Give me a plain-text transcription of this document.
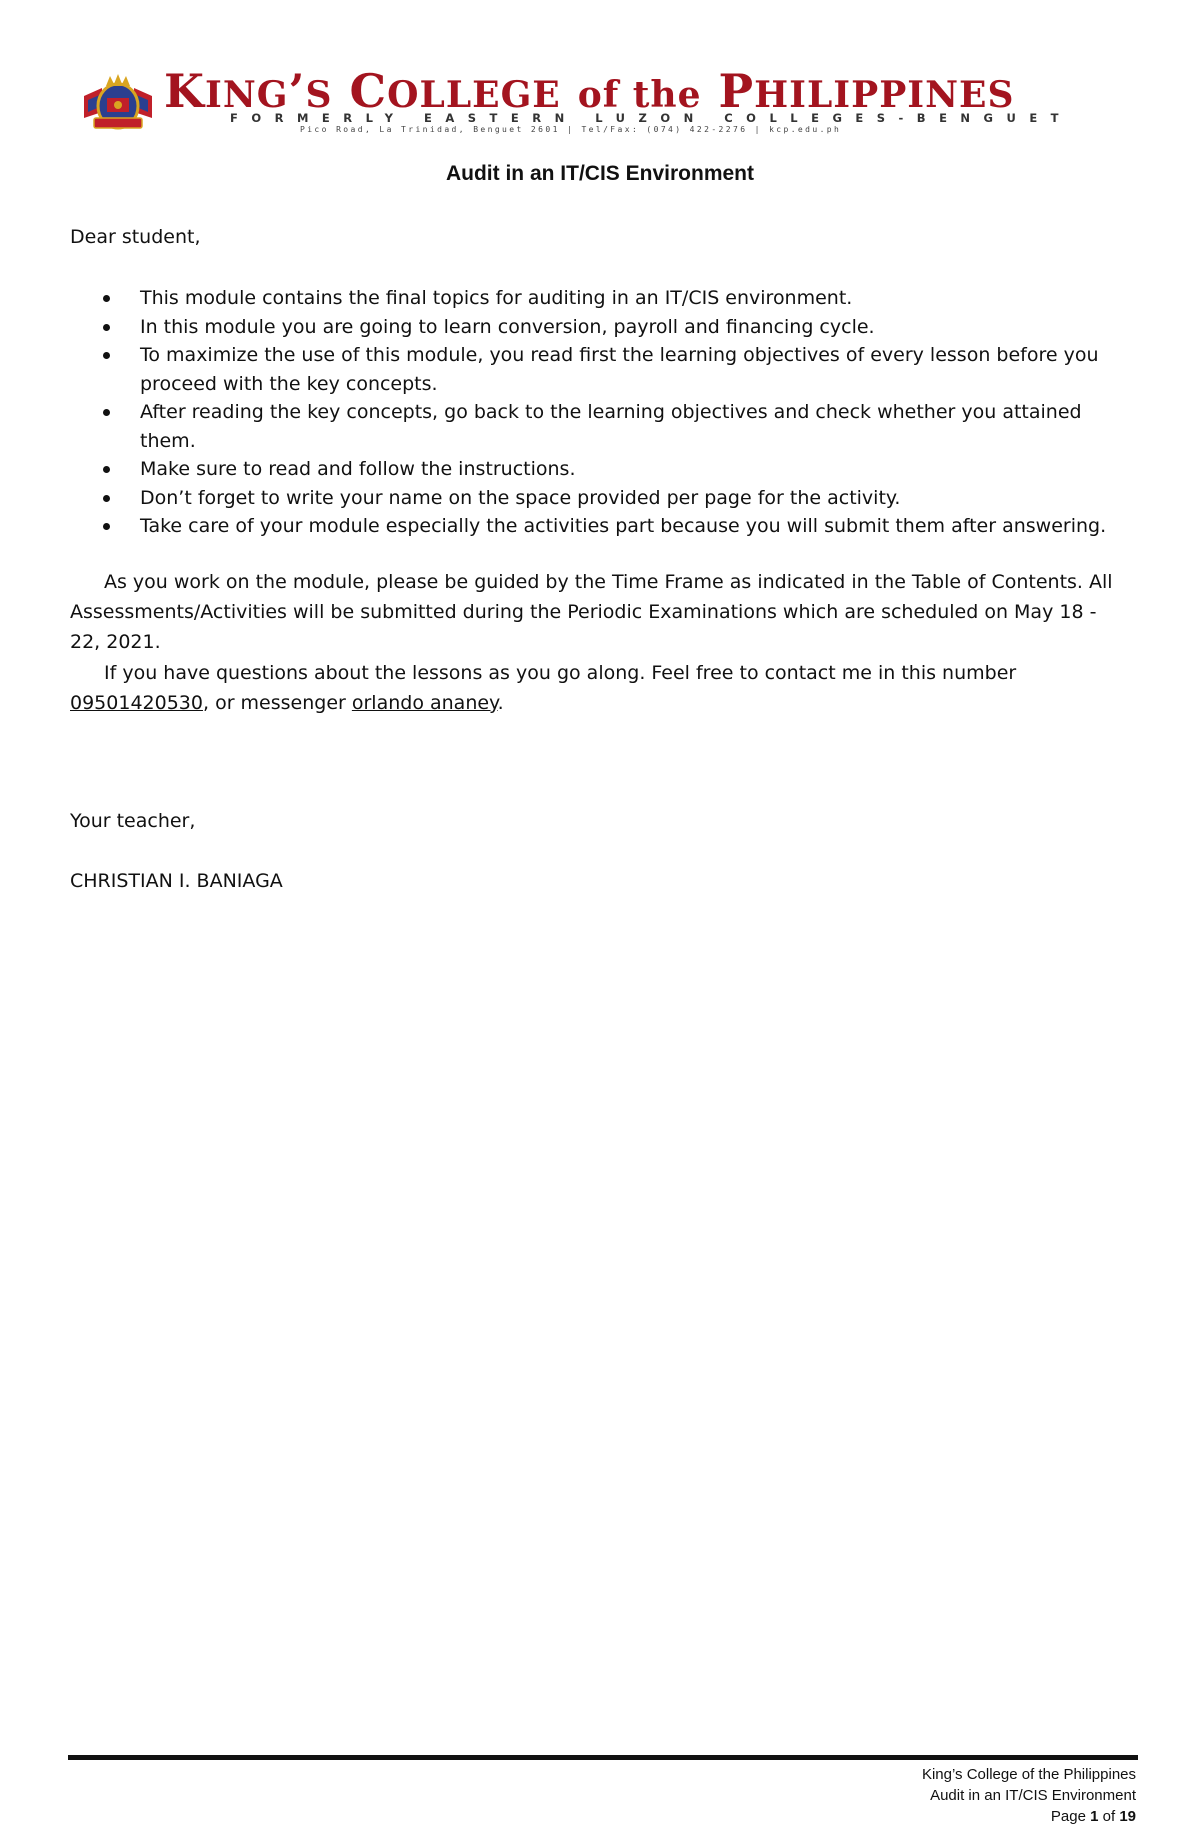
KING’S COLLEGE of the PHILIPPINES
FORMERLY EASTERN LUZON COLLEGES-BENGUET
Pico Road, La Trinidad, Benguet 2601 | Tel/Fax: (074) 422-2276 | kcp.edu.ph
Audit in an IT/CIS Environment
Dear student,
This module contains the final topics for auditing in an IT/CIS environment.
In this module you are going to learn conversion, payroll and financing cycle.
To maximize the use of this module, you read first the learning objectives of every lesson before you proceed with the key concepts.
After reading the key concepts, go back to the learning objectives and check whether you attained them.
Make sure to read and follow the instructions.
Don’t forget to write your name on the space provided per page for the activity.
Take care of your module especially the activities part because you will submit them after answering.
As you work on the module, please be guided by the Time Frame as indicated in the Table of Contents. All Assessments/Activities will be submitted during the Periodic Examinations which are scheduled on May 18 - 22, 2021.
If you have questions about the lessons as you go along. Feel free to contact me in this number 09501420530, or messenger orlando ananey.
Your teacher,
CHRISTIAN I. BANIAGA
King’s College of the Philippines
Audit in an IT/CIS Environment
Page 1 of 19
